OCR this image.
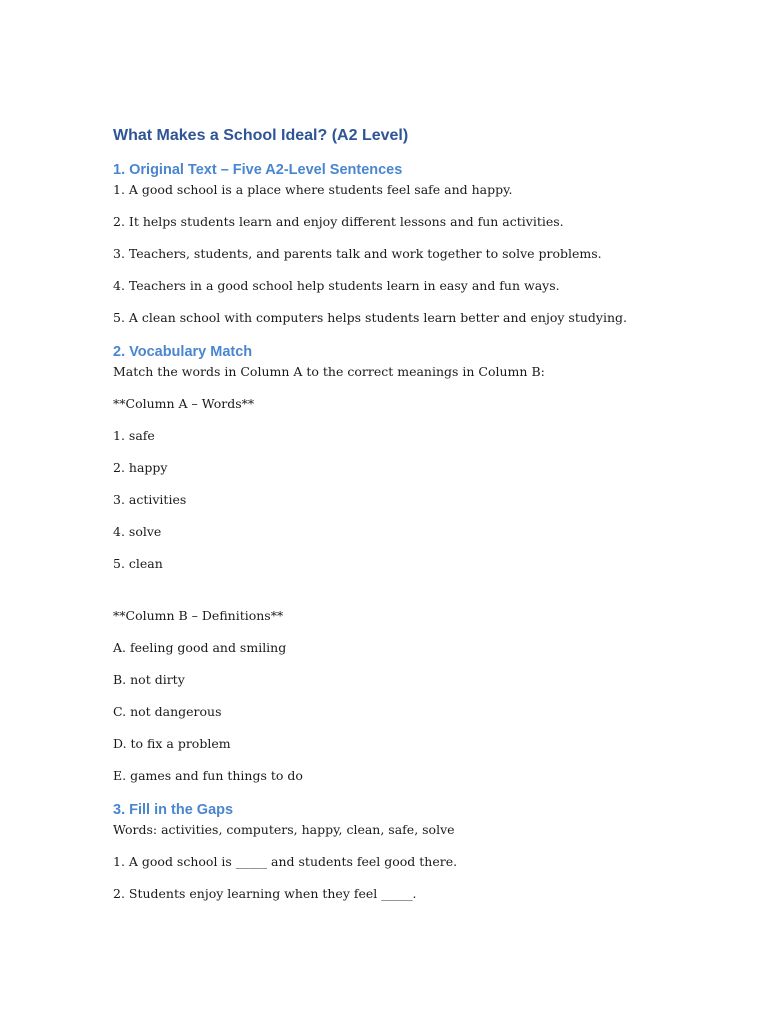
What Makes a School Ideal? (A2 Level)
1. Original Text – Five A2-Level Sentences

1. A good school is a place where students feel safe and happy.

2. It helps students learn and enjoy different lessons and fun activities.

3. Teachers, students, and parents talk and work together to solve problems.

4. Teachers in a good school help students learn in easy and fun ways.

5. A clean school with computers helps students learn better and enjoy studying.

2. Vocabulary Match

Match the words in Column A to the correct meanings in Column B:

**Column A – Words**

1. safe

2. happy

3. activities

4. solve

5. clean

**Column B – Definitions**

A. feeling good and smiling

B. not dirty

C. not dangerous

D. to fix a problem

E. games and fun things to do

3. Fill in the Gaps

Words: activities, computers, happy, clean, safe, solve

1. A good school is _____ and students feel good there.

2. Students enjoy learning when they feel _____.
